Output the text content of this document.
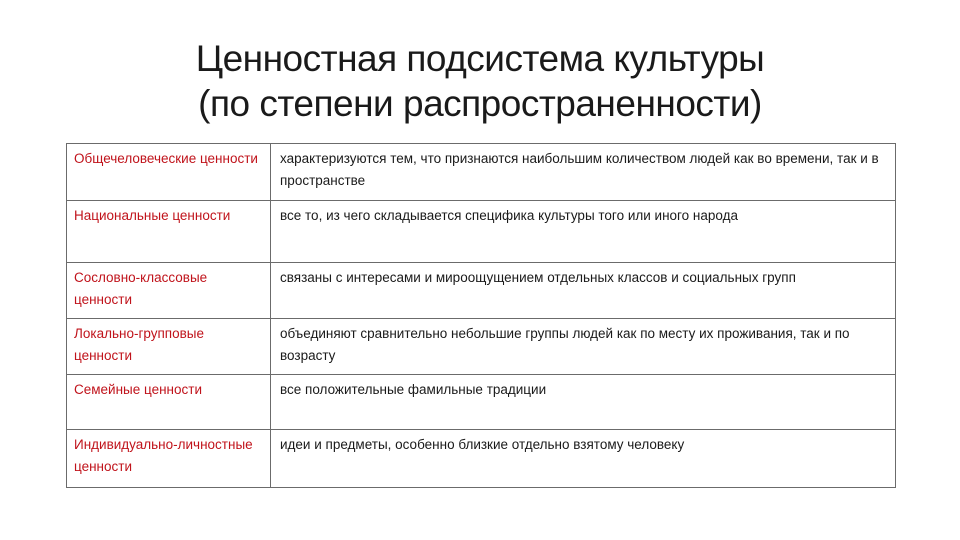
Ценностная подсистема культуры
(по степени распространенности)
Общечеловеческие ценности	характеризуются тем, что признаются наибольшим количеством людей как во времени, так и в пространстве
Национальные ценности	все то, из чего складывается специфика культуры того или иного народа
Сословно-классовые ценности	связаны с интересами и мироощущением отдельных классов и социальных групп
Локально-групповые ценности	объединяют сравнительно небольшие группы людей как по месту их проживания, так и по возрасту
Семейные ценности	все положительные фамильные традиции
Индивидуально-личностные ценности	идеи и предметы, особенно близкие отдельно взятому человеку
